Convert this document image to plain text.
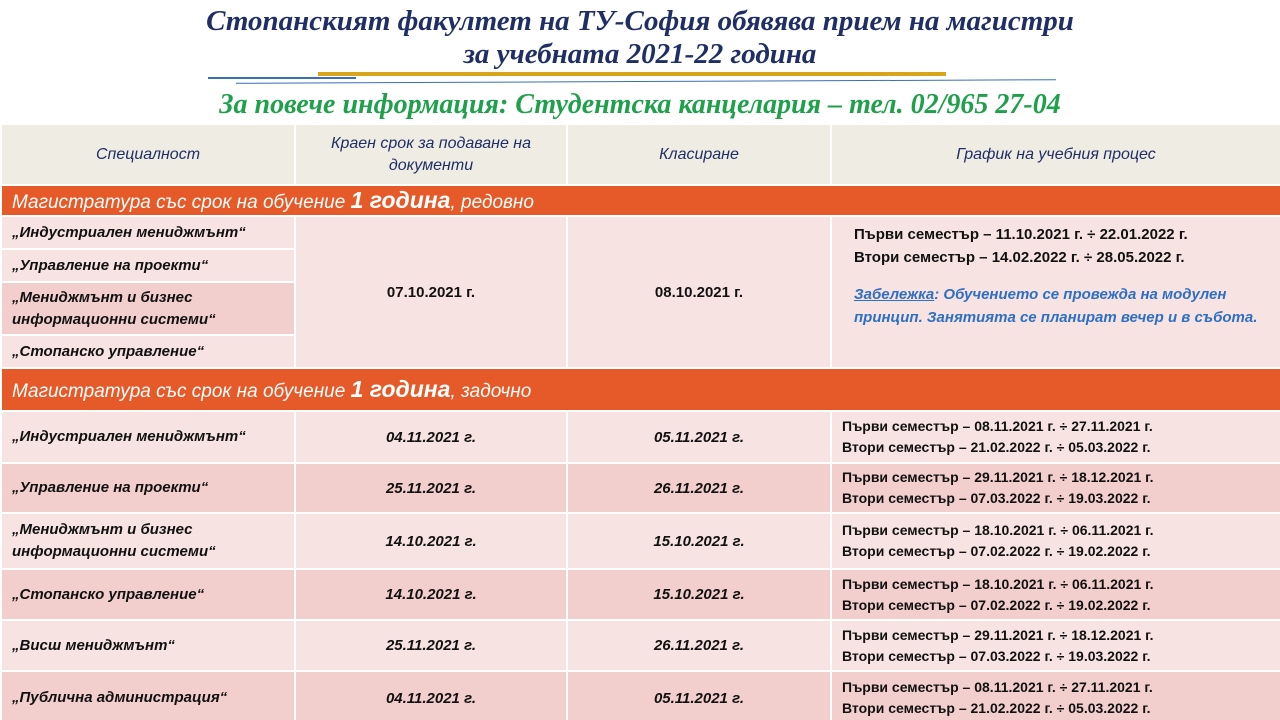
Стопанският факултет на ТУ-София обявява прием на магистри
за учебната 2021-22 година
За повече информация: Студентска канцелария – тел. 02/965 27-04
Специалност	Краен срок за подаване на документи	Класиране	График на учебния процес
Магистратура със срок на обучение 1 година, редовно			
„Индустриален мениджмънт“	07.10.2021 г.	08.10.2021 г.	Първи семестър – 11.10.2021 г. ÷ 22.01.2022 г.
Втори семестър – 14.02.2022 г. ÷ 28.05.2022 г.
Забележка: Обучението се провежда на модулен принцип. Занятията се планират вечер и в събота.

„Управление на проекти“			
„Мениджмънт и бизнес информационни системи“			
„Стопанско управление“			
Магистратура със срок на обучение 1 година, задочно			
„Индустриален мениджмънт“	04.11.2021 г.	05.11.2021 г.	Първи семестър – 08.11.2021 г. ÷ 27.11.2021 г.
Втори семестър – 21.02.2022 г. ÷ 05.03.2022 г.

„Управление на проекти“	25.11.2021 г.	26.11.2021 г.	Първи семестър – 29.11.2021 г. ÷ 18.12.2021 г.
Втори семестър – 07.03.2022 г. ÷ 19.03.2022 г.

„Мениджмънт и бизнес информационни системи“	14.10.2021 г.	15.10.2021 г.	Първи семестър – 18.10.2021 г. ÷ 06.11.2021 г.
Втори семестър – 07.02.2022 г. ÷ 19.02.2022 г.

„Стопанско управление“	14.10.2021 г.	15.10.2021 г.	Първи семестър – 18.10.2021 г. ÷ 06.11.2021 г.
Втори семестър – 07.02.2022 г. ÷ 19.02.2022 г.

„Висш мениджмънт“	25.11.2021 г.	26.11.2021 г.	Първи семестър – 29.11.2021 г. ÷ 18.12.2021 г.
Втори семестър – 07.03.2022 г. ÷ 19.03.2022 г.

„Публична администрация“	04.11.2021 г.	05.11.2021 г.	Първи семестър – 08.11.2021 г. ÷ 27.11.2021 г.
Втори семестър – 21.02.2022 г. ÷ 05.03.2022 г.
